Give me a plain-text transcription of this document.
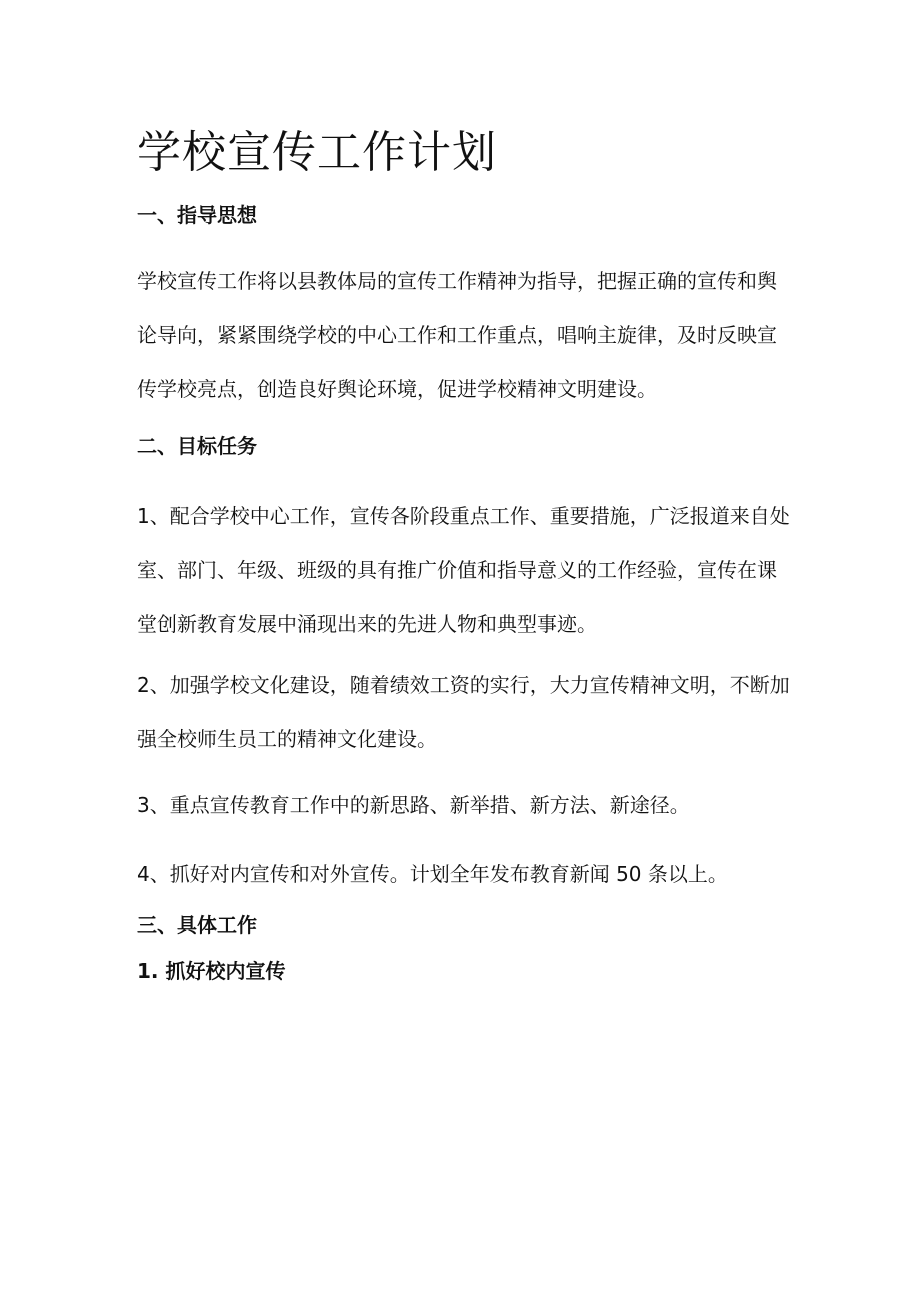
学校宣传工作计划
一、指导思想

学校宣传工作将以县教体局的宣传工作精神为指导，把握正确的宣传和舆
论导向，紧紧围绕学校的中心工作和工作重点，唱响主旋律，及时反映宣
传学校亮点，创造良好舆论环境，促进学校精神文明建设。

二、目标任务

1、配合学校中心工作，宣传各阶段重点工作、重要措施，广泛报道来自处
室、部门、年级、班级的具有推广价值和指导意义的工作经验，宣传在课
堂创新教育发展中涌现出来的先进人物和典型事迹。

2、加强学校文化建设，随着绩效工资的实行，大力宣传精神文明，不断加
强全校师生员工的精神文化建设。

3、重点宣传教育工作中的新思路、新举措、新方法、新途径。

4、抓好对内宣传和对外宣传。计划全年发布教育新闻 50 条以上。

三、具体工作
1. 抓好校内宣传
